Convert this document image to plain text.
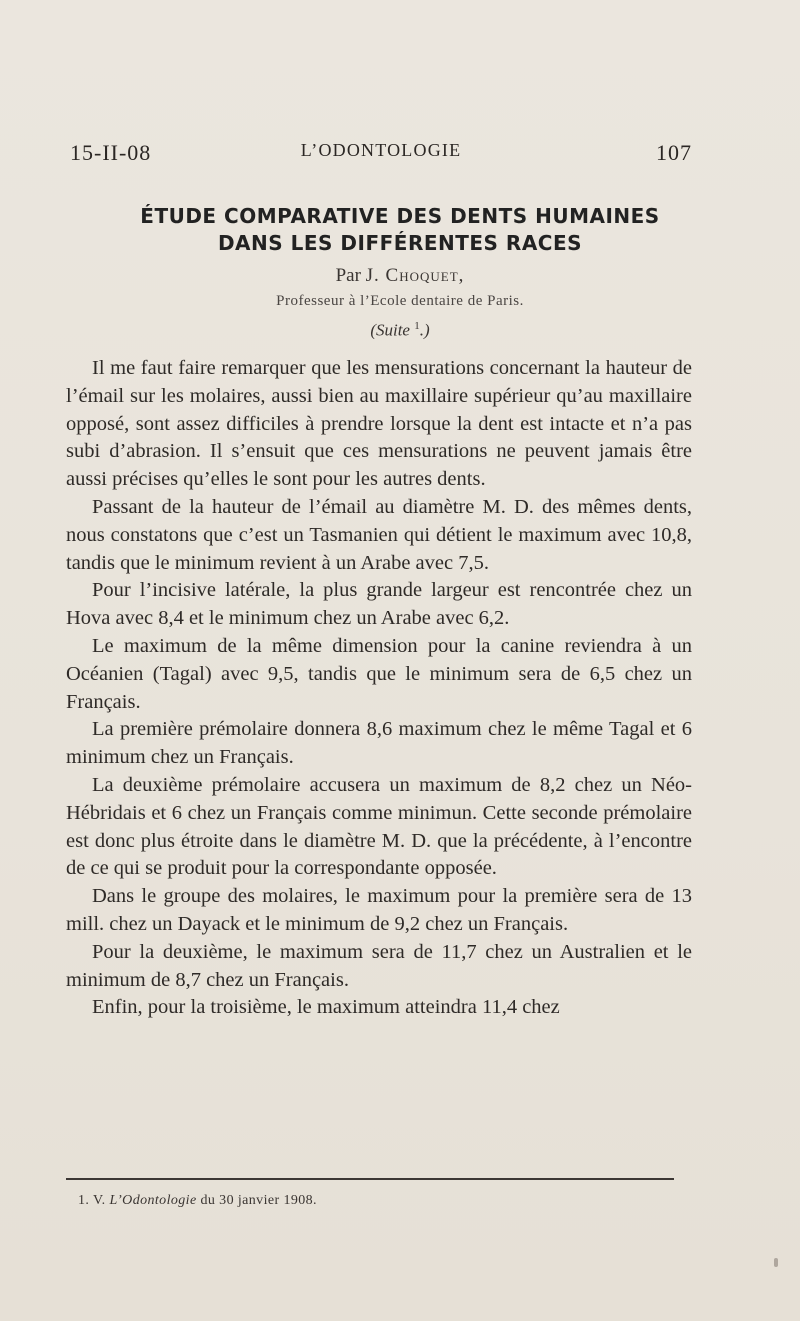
15-II-08	L’ODONTOLOGIE	107
ÉTUDE COMPARATIVE DES DENTS HUMAINES
DANS LES DIFFÉRENTES RACES
Par J. Choquet,
Professeur à l’Ecole dentaire de Paris.
(Suite $^1$.)

Il me faut faire remarquer que les mensurations concernant la hauteur de l’émail sur les molaires, aussi bien au maxillaire supérieur qu’au maxillaire opposé, sont assez difficiles à prendre lorsque la dent est intacte et n’a pas subi d’abrasion. Il s’ensuit que ces mensurations ne peuvent jamais être aussi précises qu’elles le sont pour les autres dents.

Passant de la hauteur de l’émail au diamètre M. D. des mêmes dents, nous constatons que c’est un Tasmanien qui détient le maximum avec 10,8, tandis que le minimum revient à un Arabe avec 7,5.

Pour l’incisive latérale, la plus grande largeur est rencontrée chez un Hova avec 8,4 et le minimum chez un Arabe avec 6,2.

Le maximum de la même dimension pour la canine reviendra à un Océanien (Tagal) avec 9,5, tandis que le minimum sera de 6,5 chez un Français.

La première prémolaire donnera 8,6 maximum chez le même Tagal et 6 minimum chez un Français.

La deuxième prémolaire accusera un maximum de 8,2 chez un Néo-Hébridais et 6 chez un Français comme minimun. Cette seconde prémolaire est donc plus étroite dans le diamètre M. D. que la précédente, à l’encontre de ce qui se produit pour la correspondante opposée.

Dans le groupe des molaires, le maximum pour la première sera de 13 mill. chez un Dayack et le minimum de 9,2 chez un Français.

Pour la deuxième, le maximum sera de 11,7 chez un Australien et le minimum de 8,7 chez un Français.

Enfin, pour la troisième, le maximum atteindra 11,4 chez

1. V. L’Odontologie du 30 janvier 1908.
